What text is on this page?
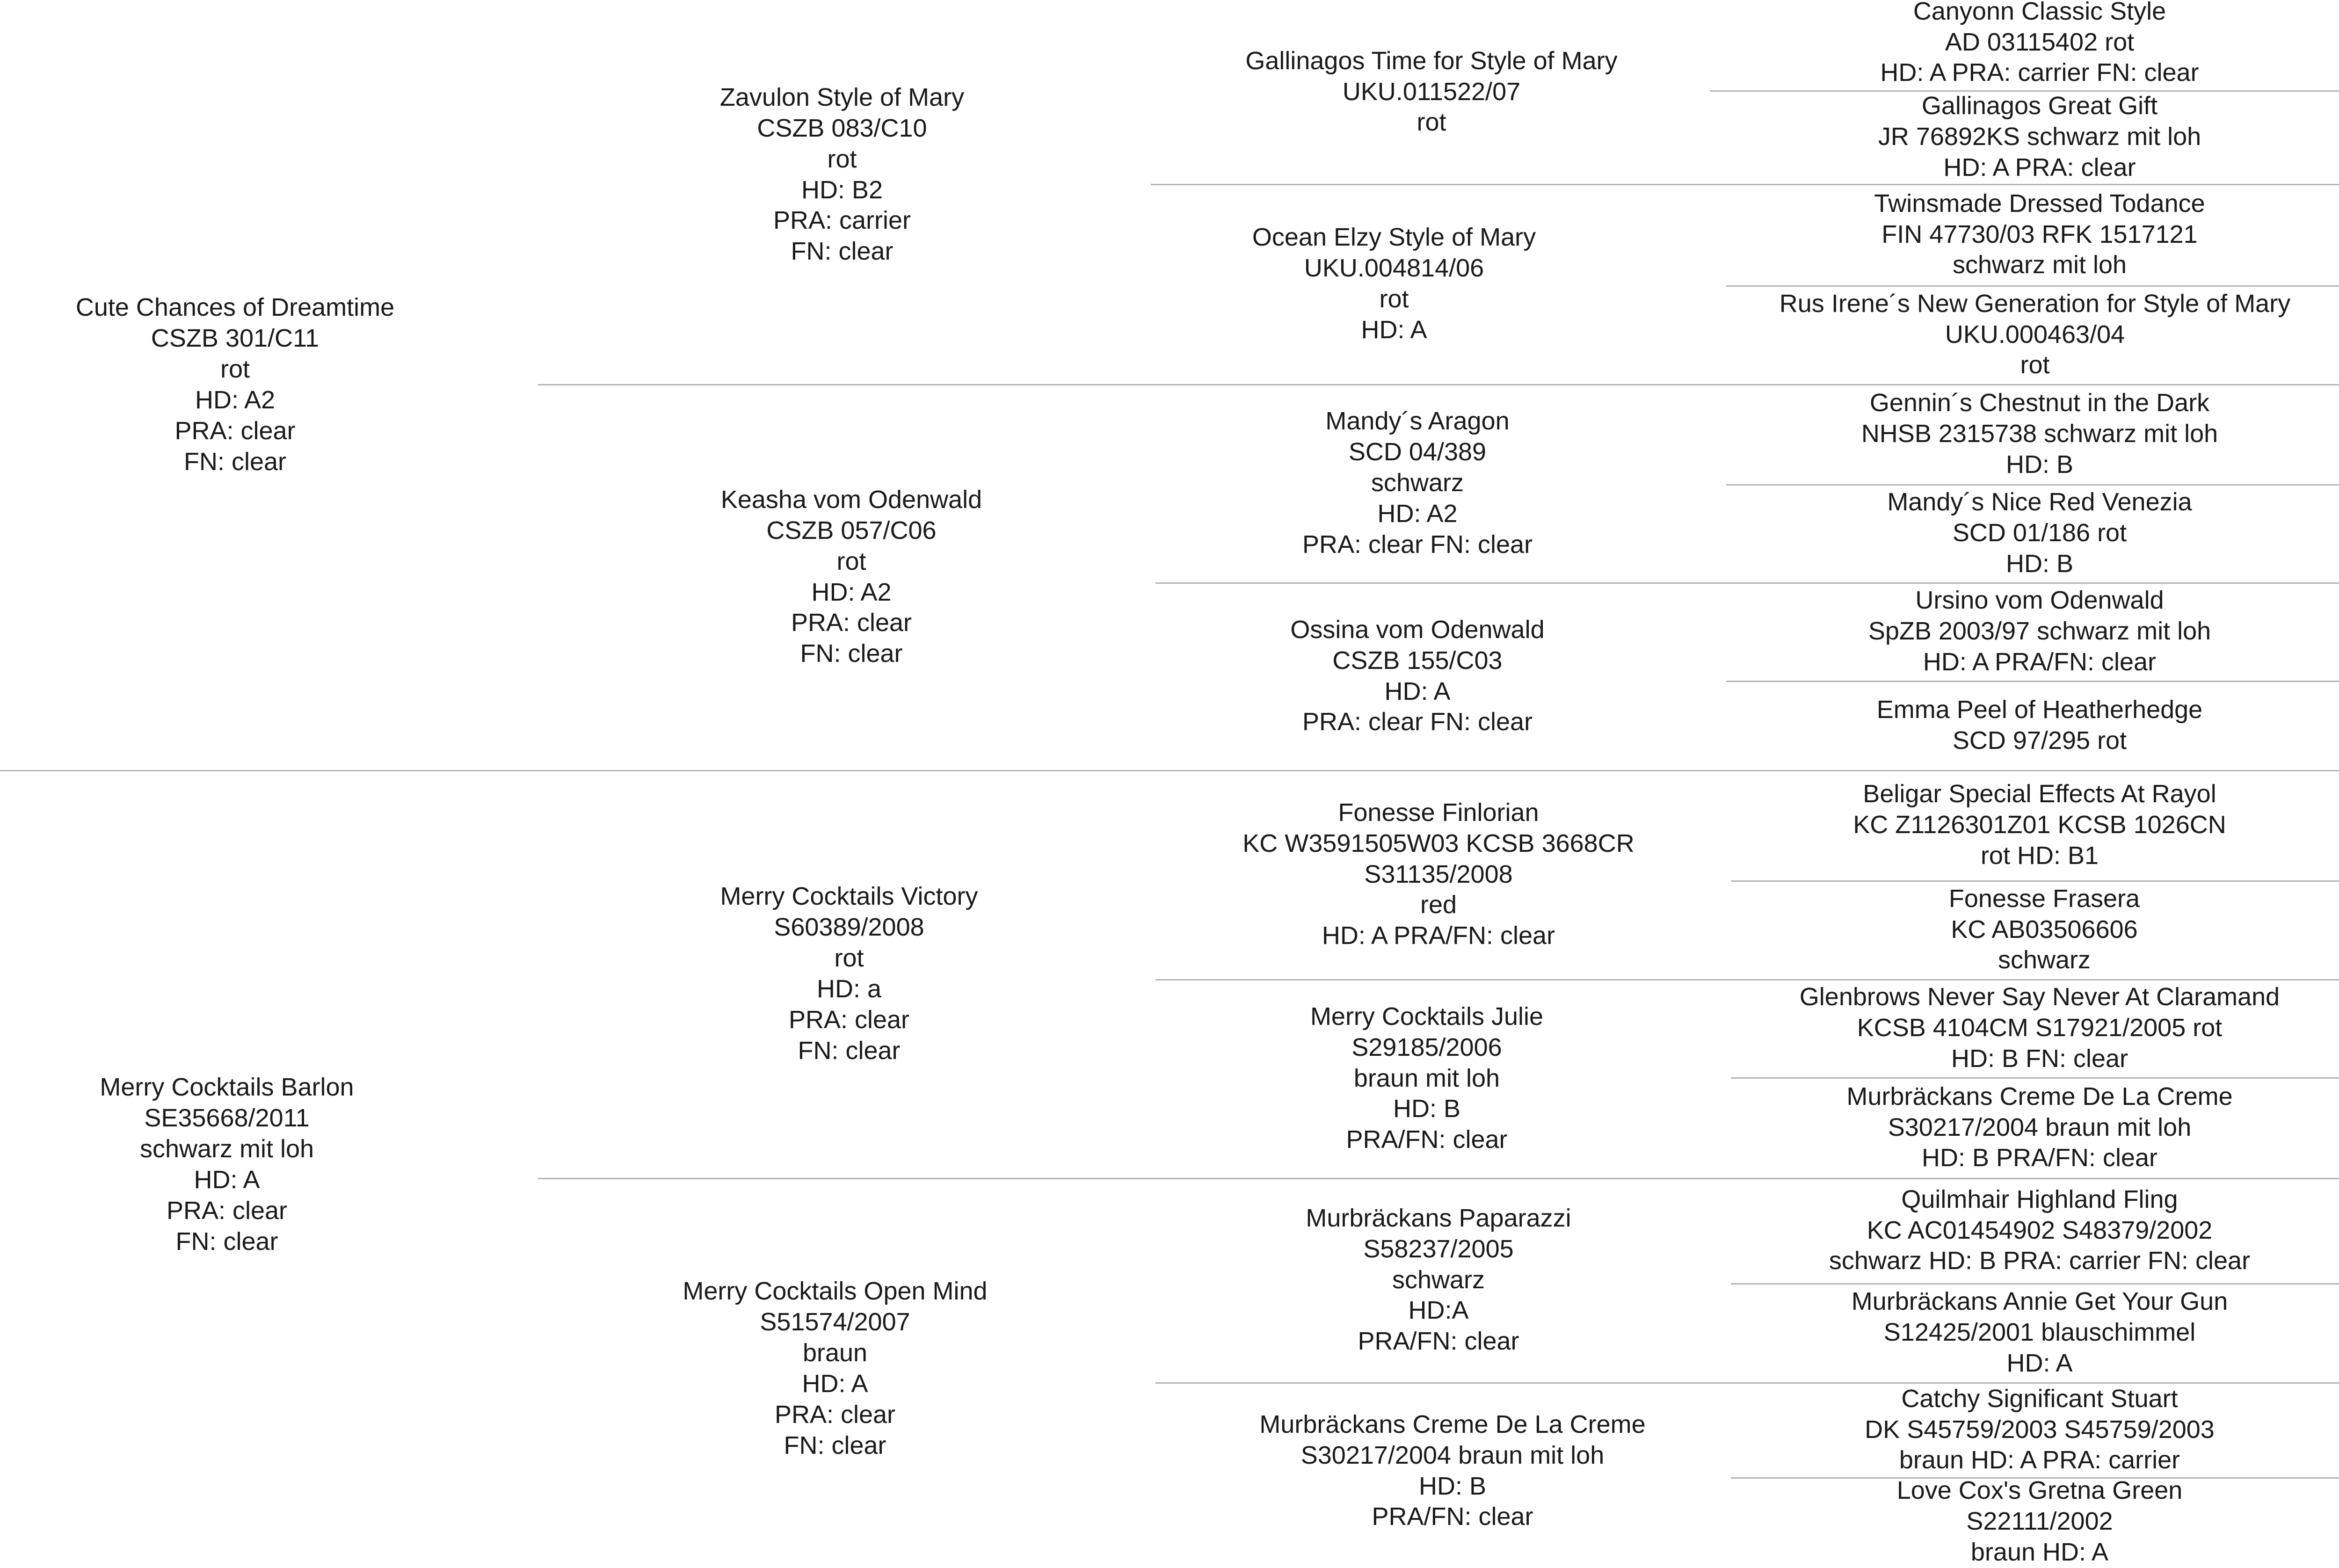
Cute Chances of Dreamtime
CSZB 301/C11
rot
HD: A2
PRA: clear
FN: clear
Merry Cocktails Barlon
SE35668/2011
schwarz mit loh
HD: A
PRA: clear
FN: clear
Zavulon Style of Mary
CSZB 083/C10
rot
HD: B2
PRA: carrier
FN: clear
Keasha vom Odenwald
CSZB 057/C06
rot
HD: A2
PRA: clear
FN: clear
Merry Cocktails Victory
S60389/2008
rot
HD: a
PRA: clear
FN: clear
Merry Cocktails Open Mind
S51574/2007
braun
HD: A
PRA: clear
FN: clear
Gallinagos Time for Style of Mary
UKU.011522/07
rot
Ocean Elzy Style of Mary
UKU.004814/06
rot
HD: A
Mandy´s Aragon
SCD 04/389
schwarz
HD: A2
PRA: clear FN: clear
Ossina vom Odenwald
CSZB 155/C03
HD: A
PRA: clear FN: clear
Fonesse Finlorian
KC W3591505W03 KCSB 3668CR
S31135/2008
red
HD: A PRA/FN: clear
Merry Cocktails Julie
S29185/2006
braun mit loh
HD: B
PRA/FN: clear
Murbräckans Paparazzi
S58237/2005
schwarz
HD:A
PRA/FN: clear
Murbräckans Creme De La Creme
S30217/2004 braun mit loh
HD: B
PRA/FN: clear
Canyonn Classic Style
AD 03115402 rot
HD: A PRA: carrier FN: clear
Gallinagos Great Gift
JR 76892KS schwarz mit loh
HD: A PRA: clear
Twinsmade Dressed Todance
FIN 47730/03 RFK 1517121
schwarz mit loh
Rus Irene´s New Generation for Style of Mary
UKU.000463/04
rot
Gennin´s Chestnut in the Dark
NHSB 2315738 schwarz mit loh
HD: B
Mandy´s Nice Red Venezia
SCD 01/186 rot
HD: B
Ursino vom Odenwald
SpZB 2003/97 schwarz mit loh
HD: A PRA/FN: clear
Emma Peel of Heatherhedge
SCD 97/295 rot
Beligar Special Effects At Rayol
KC Z1126301Z01 KCSB 1026CN
rot HD: B1
Fonesse Frasera
KC AB03506606
schwarz
Glenbrows Never Say Never At Claramand
KCSB 4104CM S17921/2005 rot
HD: B FN: clear
Murbräckans Creme De La Creme
S30217/2004 braun mit loh
HD: B PRA/FN: clear
Quilmhair Highland Fling
KC AC01454902 S48379/2002
schwarz HD: B PRA: carrier FN: clear
Murbräckans Annie Get Your Gun
S12425/2001 blauschimmel
HD: A
Catchy Significant Stuart
DK S45759/2003 S45759/2003
braun HD: A PRA: carrier
Love Cox's Gretna Green
S22111/2002
braun HD: A
